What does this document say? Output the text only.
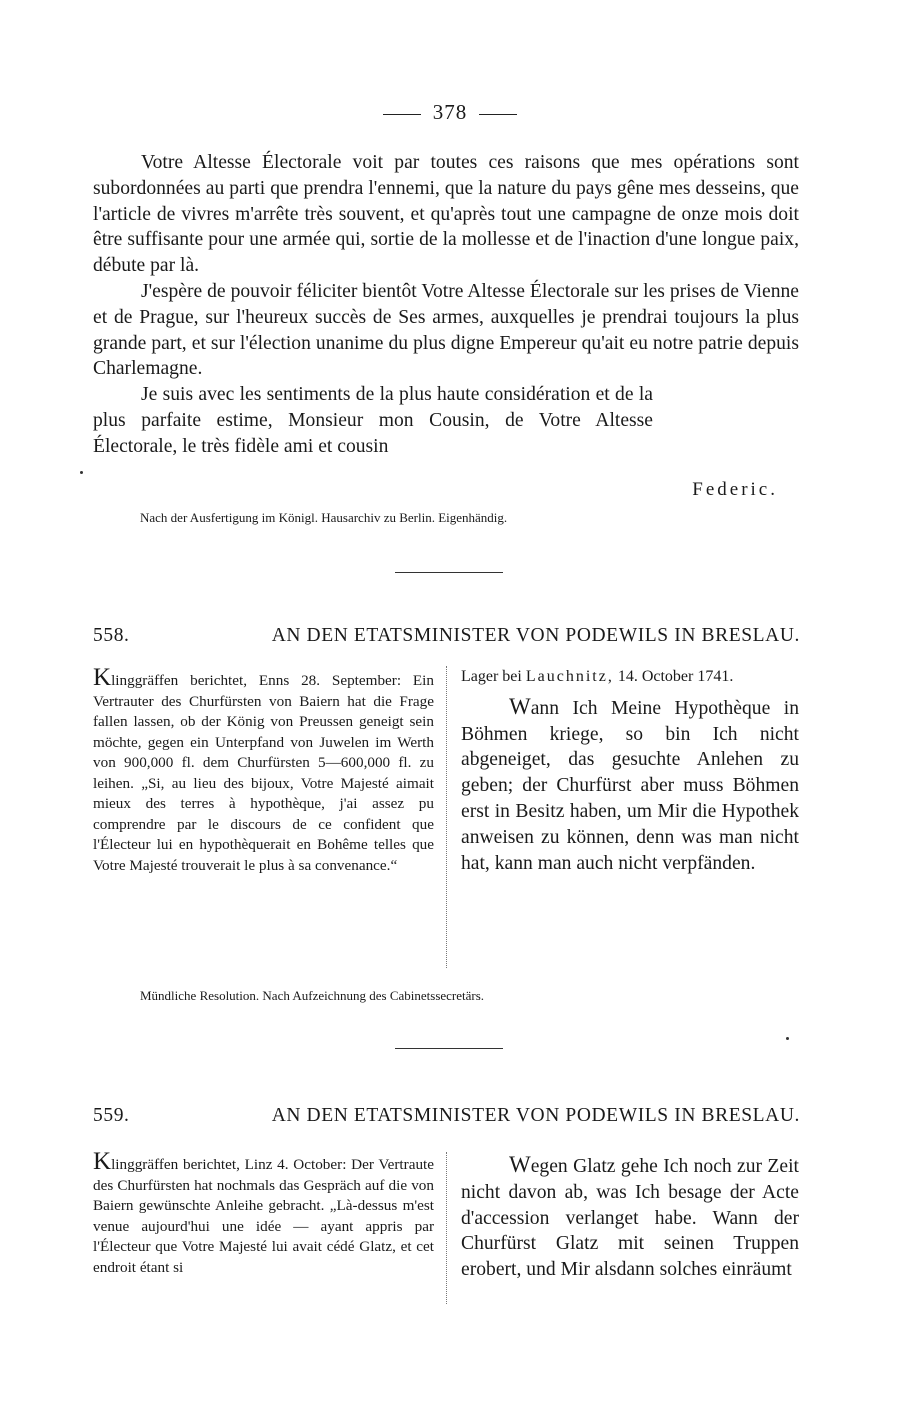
378

Votre Altesse Électorale voit par toutes ces raisons que mes opérations sont subordonnées au parti que prendra l'ennemi, que la nature du pays gêne mes desseins, que l'article de vivres m'arrête très souvent, et qu'après tout une campagne de onze mois doit être suffisante pour une armée qui, sortie de la mollesse et de l'inaction d'une longue paix, débute par là.

J'espère de pouvoir féliciter bientôt Votre Altesse Électorale sur les prises de Vienne et de Prague, sur l'heureux succès de Ses armes, auxquelles je prendrai toujours la plus grande part, et sur l'élection unanime du plus digne Empereur qu'ait eu notre patrie depuis Charlemagne.

Je suis avec les sentiments de la plus haute considération et de la plus parfaite estime, Monsieur mon Cousin, de Votre Altesse Électorale, le très fidèle ami et cousin

Federic.
Nach der Ausfertigung im Königl. Hausarchiv zu Berlin. Eigenhändig.
558.	AN DEN ETATSMINISTER VON PODEWILS IN BRESLAU.
Klinggräffen berichtet, Enns 28. September: Ein Vertrauter des Churfürsten von Baiern hat die Frage fallen lassen, ob der König von Preussen geneigt sein möchte, gegen ein Unterpfand von Juwelen im Werth von 900,000 fl. dem Churfürsten 5—600,000 fl. zu leihen. „Si, au lieu des bijoux, Votre Majesté aimait mieux des terres à hypothèque, j'ai assez pu comprendre par le discours de ce confident que l'Électeur lui en hypothèquerait en Bohême telles que Votre Majesté trouverait le plus à sa convenance.“
Lager bei Lauchnitz, 14. October 1741.

Wann Ich Meine Hypothèque in Böhmen kriege, so bin Ich nicht abgeneiget, das gesuchte Anlehen zu geben; der Churfürst aber muss Böhmen erst in Besitz haben, um Mir die Hypothek anweisen zu können, denn was man nicht hat, kann man auch nicht verpfänden.

Mündliche Resolution. Nach Aufzeichnung des Cabinetssecretärs.
559.	AN DEN ETATSMINISTER VON PODEWILS IN BRESLAU.
Klinggräffen berichtet, Linz 4. October: Der Vertraute des Churfürsten hat nochmals das Gespräch auf die von Baiern gewünschte Anleihe gebracht. „Là-dessus m'est venue aujourd'hui une idée — ayant appris par l'Électeur que Votre Majesté lui avait cédé Glatz, et cet endroit étant si

Wegen Glatz gehe Ich noch zur Zeit nicht davon ab, was Ich besage der Acte d'accession verlanget habe. Wann der Churfürst Glatz mit seinen Truppen erobert, und Mir alsdann solches einräumt
